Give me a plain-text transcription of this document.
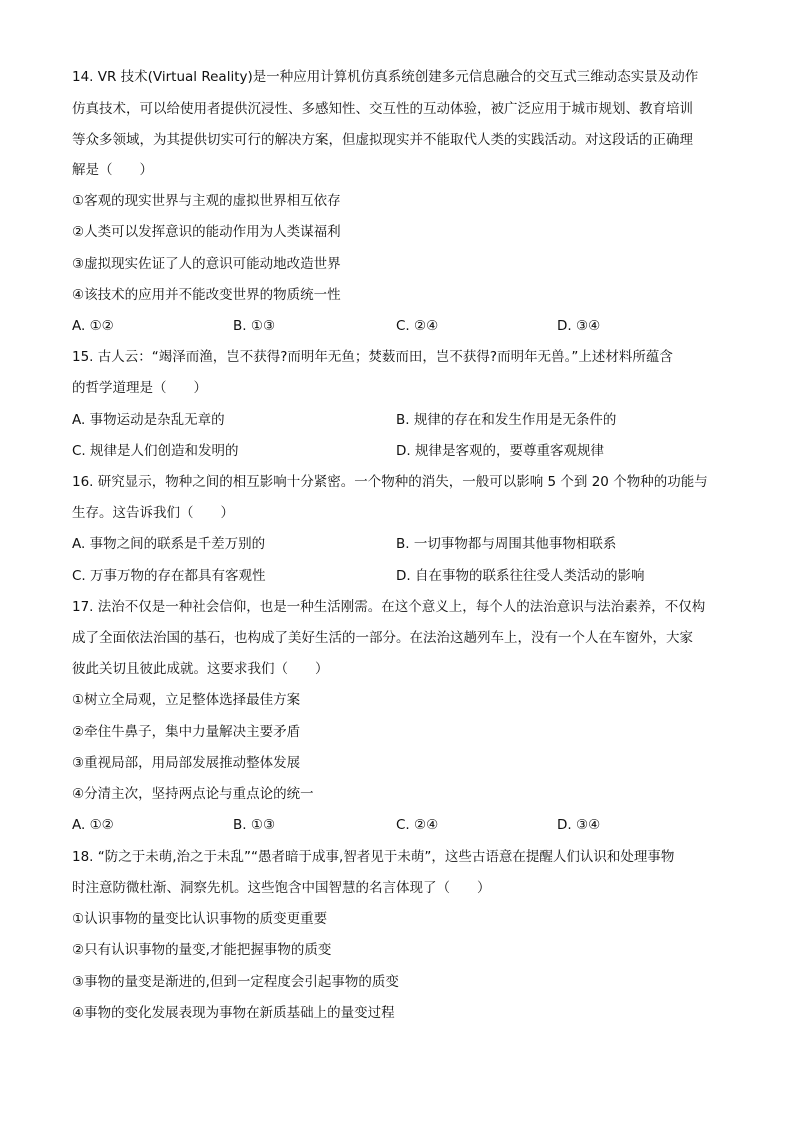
14. VR 技术(Virtual Reality)是一种应用计算机仿真系统创建多元信息融合的交互式三维动态实景及动作
仿真技术，可以给使用者提供沉浸性、多感知性、交互性的互动体验，被广泛应用于城市规划、教育培训
等众多领域，为其提供切实可行的解决方案，但虚拟现实并不能取代人类的实践活动。对这段话的正确理
解是（　　）
①客观的现实世界与主观的虚拟世界相互依存
②人类可以发挥意识的能动作用为人类谋福利
③虚拟现实佐证了人的意识可能动地改造世界
④该技术的应用并不能改变世界的物质统一性
A. ①②	B. ①③	C. ②④	D. ③④
15. 古人云：“竭泽而渔，岂不获得?而明年无鱼；焚薮而田，岂不获得?而明年无兽。”上述材料所蕴含
的哲学道理是（　　）
A. 事物运动是杂乱无章的	B. 规律的存在和发生作用是无条件的
C. 规律是人们创造和发明的	D. 规律是客观的，要尊重客观规律
16. 研究显示，物种之间的相互影响十分紧密。一个物种的消失，一般可以影响 5 个到 20 个物种的功能与
生存。这告诉我们（　　）
A. 事物之间的联系是千差万别的	B. 一切事物都与周围其他事物相联系
C. 万事万物的存在都具有客观性	D. 自在事物的联系往往受人类活动的影响
17. 法治不仅是一种社会信仰，也是一种生活刚需。在这个意义上，每个人的法治意识与法治素养，不仅构
成了全面依法治国的基石，也构成了美好生活的一部分。在法治这趟列车上，没有一个人在车窗外，大家
彼此关切且彼此成就。这要求我们（　　）
①树立全局观，立足整体选择最佳方案
②牵住牛鼻子，集中力量解决主要矛盾
③重视局部，用局部发展推动整体发展
④分清主次，坚持两点论与重点论的统一
A. ①②	B. ①③	C. ②④	D. ③④
18. “防之于未萌,治之于未乱”“愚者暗于成事,智者见于未萌”，这些古语意在提醒人们认识和处理事物
时注意防微杜渐、洞察先机。这些饱含中国智慧的名言体现了（　　）
①认识事物的量变比认识事物的质变更重要
②只有认识事物的量变,才能把握事物的质变
③事物的量变是渐进的,但到一定程度会引起事物的质变
④事物的变化发展表现为事物在新质基础上的量变过程
